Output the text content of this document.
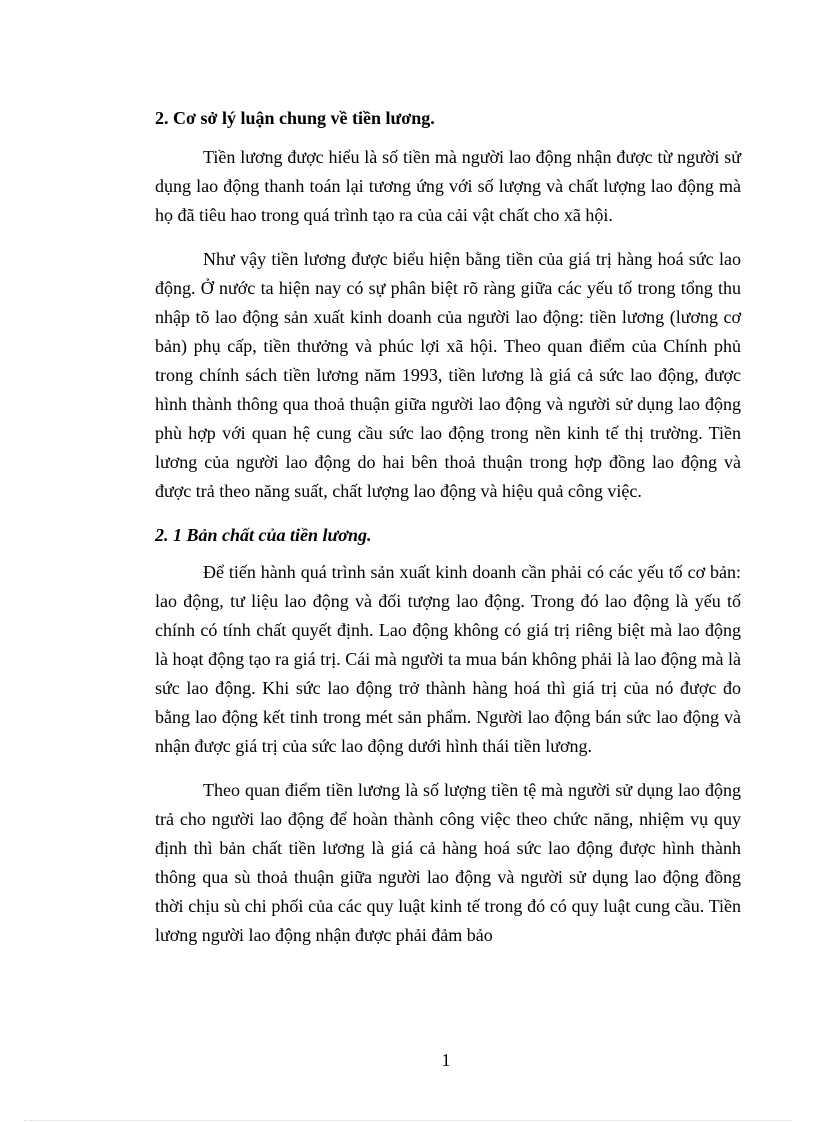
2. Cơ sở lý luận chung về tiền lương.

Tiền lương được hiểu là số tiền mà người lao động nhận được từ người sử dụng lao động thanh toán lại tương ứng với số lượng và chất lượng lao động mà họ đã tiêu hao trong quá trình tạo ra của cải vật chất cho xã hội.

Như vậy tiền lương được biểu hiện bằng tiền của giá trị hàng hoá sức lao động. Ở nước ta hiện nay có sự phân biệt rõ ràng giữa các yếu tố trong tổng thu nhập tõ lao động sản xuất kinh doanh của người lao động: tiền lương (lương cơ bản) phụ cấp, tiền thưởng và phúc lợi xã hội. Theo quan điểm của Chính phủ trong chính sách tiền lương năm 1993, tiền lương là giá cả sức lao động, được hình thành thông qua thoả thuận giữa người lao động và người sử dụng lao động phù hợp với quan hệ cung cầu sức lao động trong nền kinh tế thị trường. Tiền lương của người lao động do hai bên thoả thuận trong hợp đồng lao động và được trả theo năng suất, chất lượng lao động và hiệu quả công việc.

2. 1 Bản chất của tiền lương.

Để tiến hành quá trình sản xuất kinh doanh cần phải có các yếu tố cơ bản: lao động, tư liệu lao động và đối tượng lao động. Trong đó lao động là yếu tố chính có tính chất quyết định. Lao động không có giá trị riêng biệt mà lao động là hoạt động tạo ra giá trị. Cái mà người ta mua bán không phải là lao động mà là sức lao động. Khi sức lao động trở thành hàng hoá thì giá trị của nó được đo bằng lao động kết tinh trong mét sản phẩm. Người lao động bán sức lao động và nhận được giá trị của sức lao động dưới hình thái tiền lương.

Theo quan điểm tiền lương là số lượng tiền tệ mà người sử dụng lao động trả cho người lao động để hoàn thành công việc theo chức năng, nhiệm vụ quy định thì bản chất tiền lương là giá cả hàng hoá sức lao động được hình thành thông qua sù thoả thuận giữa người lao động và người sử dụng lao động đồng thời chịu sù chi phối của các quy luật kinh tế trong đó có quy luật cung cầu. Tiền lương người lao động nhận được phải đảm bảo

1
